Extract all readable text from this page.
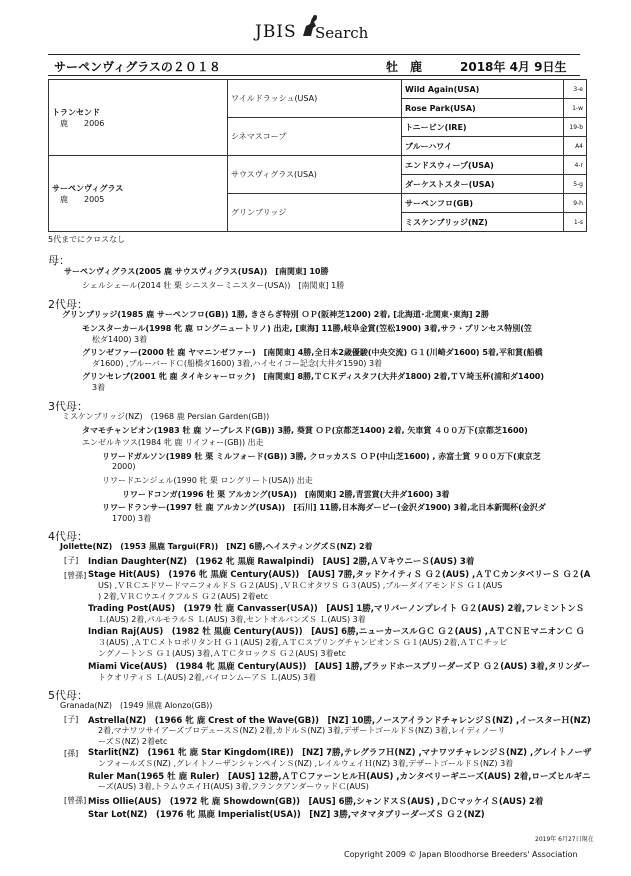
JBIS Search
サーペンヴィグラスの２０１８	牡　鹿	2018年 4月 9日生
トランセンド
鹿　　2006	ワイルドラッシュ(USA)	Wild Again(USA)	3-e
		Rose Park(USA)	1-w
	シネマスコープ	トニービン(IRE)	19-b
		ブルーハワイ	A4
サーペンヴィグラス
鹿　　2005	サウスヴィグラス(USA)	エンドスウィープ(USA)	4-r
		ダーケストスター(USA)	5-g
	グリンブリッジ	サーペンフロ(GB)	9-h
		ミスケンブリッジ(NZ)	1-s
5代までにクロスなし
母：
サーペンヴィグラス(2005 鹿 サウスヴィグラス(USA))　[南関東] 10勝
シェルシェール(2014 牡 栗 シニスターミニスター(USA))　[南関東] 1勝
2代母：
グリンブリッジ(1985 鹿 サーペンフロ(GB)) 1勝, きさらぎ特別 ＯＰ(阪神芝1200) 2着, [北海道･北関東･東海] 2勝
モンスターカール(1998 牝 鹿 ロングニュートリノ) 出走, [東海] 11勝,岐阜金賞(笠松1900) 3着,サラ・プリンセス特別(笠
松ダ1400) 3着
グリンゼファー(2000 牡 鹿 ヤマニンゼファー)　[南関東] 4勝,全日本2歳優駿(中央交流) Ｇ１(川崎ダ1600) 5着,平和賞(船橋
ダ1600) ,ブルーバードＣ(船橋ダ1600) 3着,ハイセイコー記念(大井ダ1590) 3着
グリンセレブ(2001 牝 鹿 タイキシャーロック)　[南関東] 8勝,ＴＣＫディスタフ(大井ダ1800) 2着,ＴＶ埼玉杯(浦和ダ1400)
3着
3代母：
ミスケンブリッジ(NZ)　(1968 鹿 Persian Garden(GB))
タマモチャンピオン(1983 牡 鹿 ソーブレスド(GB)) 3勝, 葵賞 ＯＰ(京都芝1400) 2着, 矢車賞 ４００万下(京都芝1600)
エンゼルキツス(1984 牝 鹿 リイフォー(GB)) 出走
リワードガルソン(1989 牡 栗 ミルフォード(GB)) 3勝, クロッカスＳ ＯＰ(中山芝1600) , 赤富士賞 ９００万下(東京芝
2000)
リワードエンジェル(1990 牝 栗 ロングリート(USA)) 出走
リワードコンガ(1996 牡 栗 アルカング(USA))　[南関東] 2勝,青雲賞(大井ダ1600) 3着
リワードランサー(1997 牡 鹿 アルカング(USA))　[石川] 11勝,日本海ダービー(金沢ダ1900) 3着,北日本新聞杯(金沢ダ
1700) 3着
4代母：
Jollette(NZ)　(1953 黒鹿 Targui(FR))　[NZ] 6勝,ヘイスティングズＳ(NZ) 2着
[子] Indian Daughter(NZ)　(1962 牝 黒鹿 Rawalpindi)　[AUS] 2勝,ＡＶキウニーＳ(AUS) 3着
[曾孫] Stage Hit(AUS)　(1976 牝 黒鹿 Century(AUS))　[AUS] 7勝,タッドケイティＳ Ｇ２(AUS) ,ＡＴＣカンタベリーＳ Ｇ２(A
US) ,ＶＲＣエドワードマニフォルドＳ Ｇ２(AUS) ,ＶＲＣオタワＳ Ｇ３(AUS) ,ブルーダイアモンドＳ Ｇ１(AUS
) 2着,ＶＲＣウエイクフルＳ Ｇ２(AUS) 2着etc
Trading Post(AUS)　(1979 牡 鹿 Canvasser(USA))　[AUS] 1勝,マリバーノンプレイト Ｇ２(AUS) 2着,フレミントンＳ
Ｌ(AUS) 2着,パルモラルＳ Ｌ(AUS) 3着,セントオルバンズＳ Ｌ(AUS) 3着
Indian Raj(AUS)　(1982 牡 黒鹿 Century(AUS))　[AUS] 6勝,ニューカースルＧＣ Ｇ２(AUS) ,ＡＴＣＮＥマニオンＣ Ｇ
３(AUS) ,ＡＴＣメトロポリタンＨ Ｇ１(AUS) 2着,ＡＴＣスプリングチャンピオンＳ Ｇ１(AUS) 2着,ＡＴＣチッピ
ングノートンＳ Ｇ１(AUS) 3着,ＡＴＣタロックＳ Ｇ２(AUS) 3着etc
Miami Vice(AUS)　(1984 牝 黒鹿 Century(AUS))　[AUS] 1勝,ブラッドホースブリーダーズＰ Ｇ２(AUS) 3着,タリンダー
トクオリティＳ Ｌ(AUS) 2着,バイロンムーアＳ Ｌ(AUS) 3着
5代母：
Granada(NZ)　(1949 黒鹿 Alonzo(GB))
[子] Astrella(NZ)　(1966 牝 鹿 Crest of the Wave(GB))　[NZ] 10勝,ノースアイランドチャレンジＳ(NZ) ,イースターＨ(NZ)
2着,マナワツサイアーズプロデュースＳ(NZ) 2着,カドルＳ(NZ) 3着,デザートゴールドＳ(NZ) 3着,レイディノーリ
ーズＳ(NZ) 2着etc
[孫] Starlit(NZ)　(1961 牝 鹿 Star Kingdom(IRE))　[NZ] 7勝,テレグラフＨ(NZ) ,マナワツチャレンジＳ(NZ) ,グレイトノーザ
ンフォールズＳ(NZ) ,グレイトノーザンシャンペインＳ(NZ) ,レイルウェイＨ(NZ) 3着,デザートゴールドＳ(NZ) 3着
Ruler Man(1965 牡 鹿 Ruler)　[AUS] 12勝,ＡＴＣファーンヒルＨ(AUS) ,カンタベリーギニーズ(AUS) 2着,ローズヒルギニ
ーズ(AUS) 3着,トラムウエイＨ(AUS) 3着,フランクアンダーウッドＣ(AUS)
[曾孫] Miss Ollie(AUS)　(1972 牝 鹿 Showdown(GB))　[AUS] 6勝,シャンドスＳ(AUS) ,ＤＣマッケイＳ(AUS) 2着
Star Lot(NZ)　(1976 牝 黒鹿 Imperialist(USA))　[NZ] 3勝,マタマタブリーダーズＳ Ｇ２(NZ)
2019年 6月27日現在
Copyright 2009 © Japan Bloodhorse Breeders' Association
